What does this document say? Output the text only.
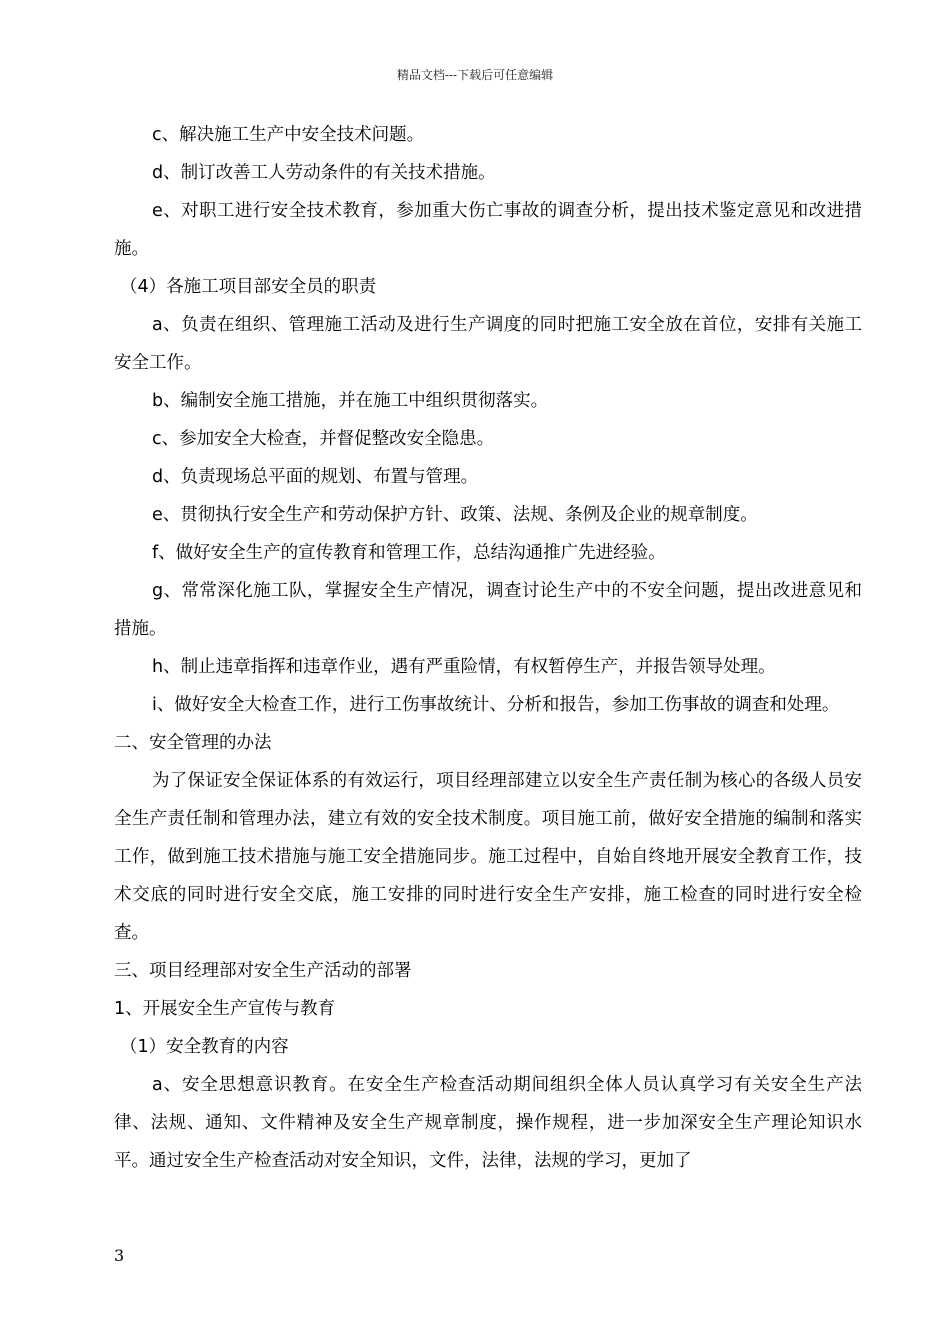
精品文档---下载后可任意编辑

c、解决施工生产中安全技术问题。

d、制订改善工人劳动条件的有关技术措施。

e、对职工进行安全技术教育，参加重大伤亡事故的调查分析，提出技术鉴定意见和改进措施。

（4）各施工项目部安全员的职责

a、负责在组织、管理施工活动及进行生产调度的同时把施工安全放在首位，安排有关施工安全工作。

b、编制安全施工措施，并在施工中组织贯彻落实。

c、参加安全大检查，并督促整改安全隐患。

d、负责现场总平面的规划、布置与管理。

e、贯彻执行安全生产和劳动保护方针、政策、法规、条例及企业的规章制度。

f、做好安全生产的宣传教育和管理工作，总结沟通推广先进经验。

g、常常深化施工队，掌握安全生产情况，调查讨论生产中的不安全问题，提出改进意见和措施。

h、制止违章指挥和违章作业，遇有严重险情，有权暂停生产，并报告领导处理。

i、做好安全大检查工作，进行工伤事故统计、分析和报告，参加工伤事故的调查和处理。

二、安全管理的办法

为了保证安全保证体系的有效运行，项目经理部建立以安全生产责任制为核心的各级人员安全生产责任制和管理办法，建立有效的安全技术制度。项目施工前，做好安全措施的编制和落实工作，做到施工技术措施与施工安全措施同步。施工过程中，自始自终地开展安全教育工作，技术交底的同时进行安全交底，施工安排的同时进行安全生产安排，施工检查的同时进行安全检查。

三、项目经理部对安全生产活动的部署

1、开展安全生产宣传与教育

（1）安全教育的内容

a、安全思想意识教育。在安全生产检查活动期间组织全体人员认真学习有关安全生产法律、法规、通知、文件精神及安全生产规章制度，操作规程，进一步加深安全生产理论知识水平。通过安全生产检查活动对安全知识，文件，法律，法规的学习，更加了

3
